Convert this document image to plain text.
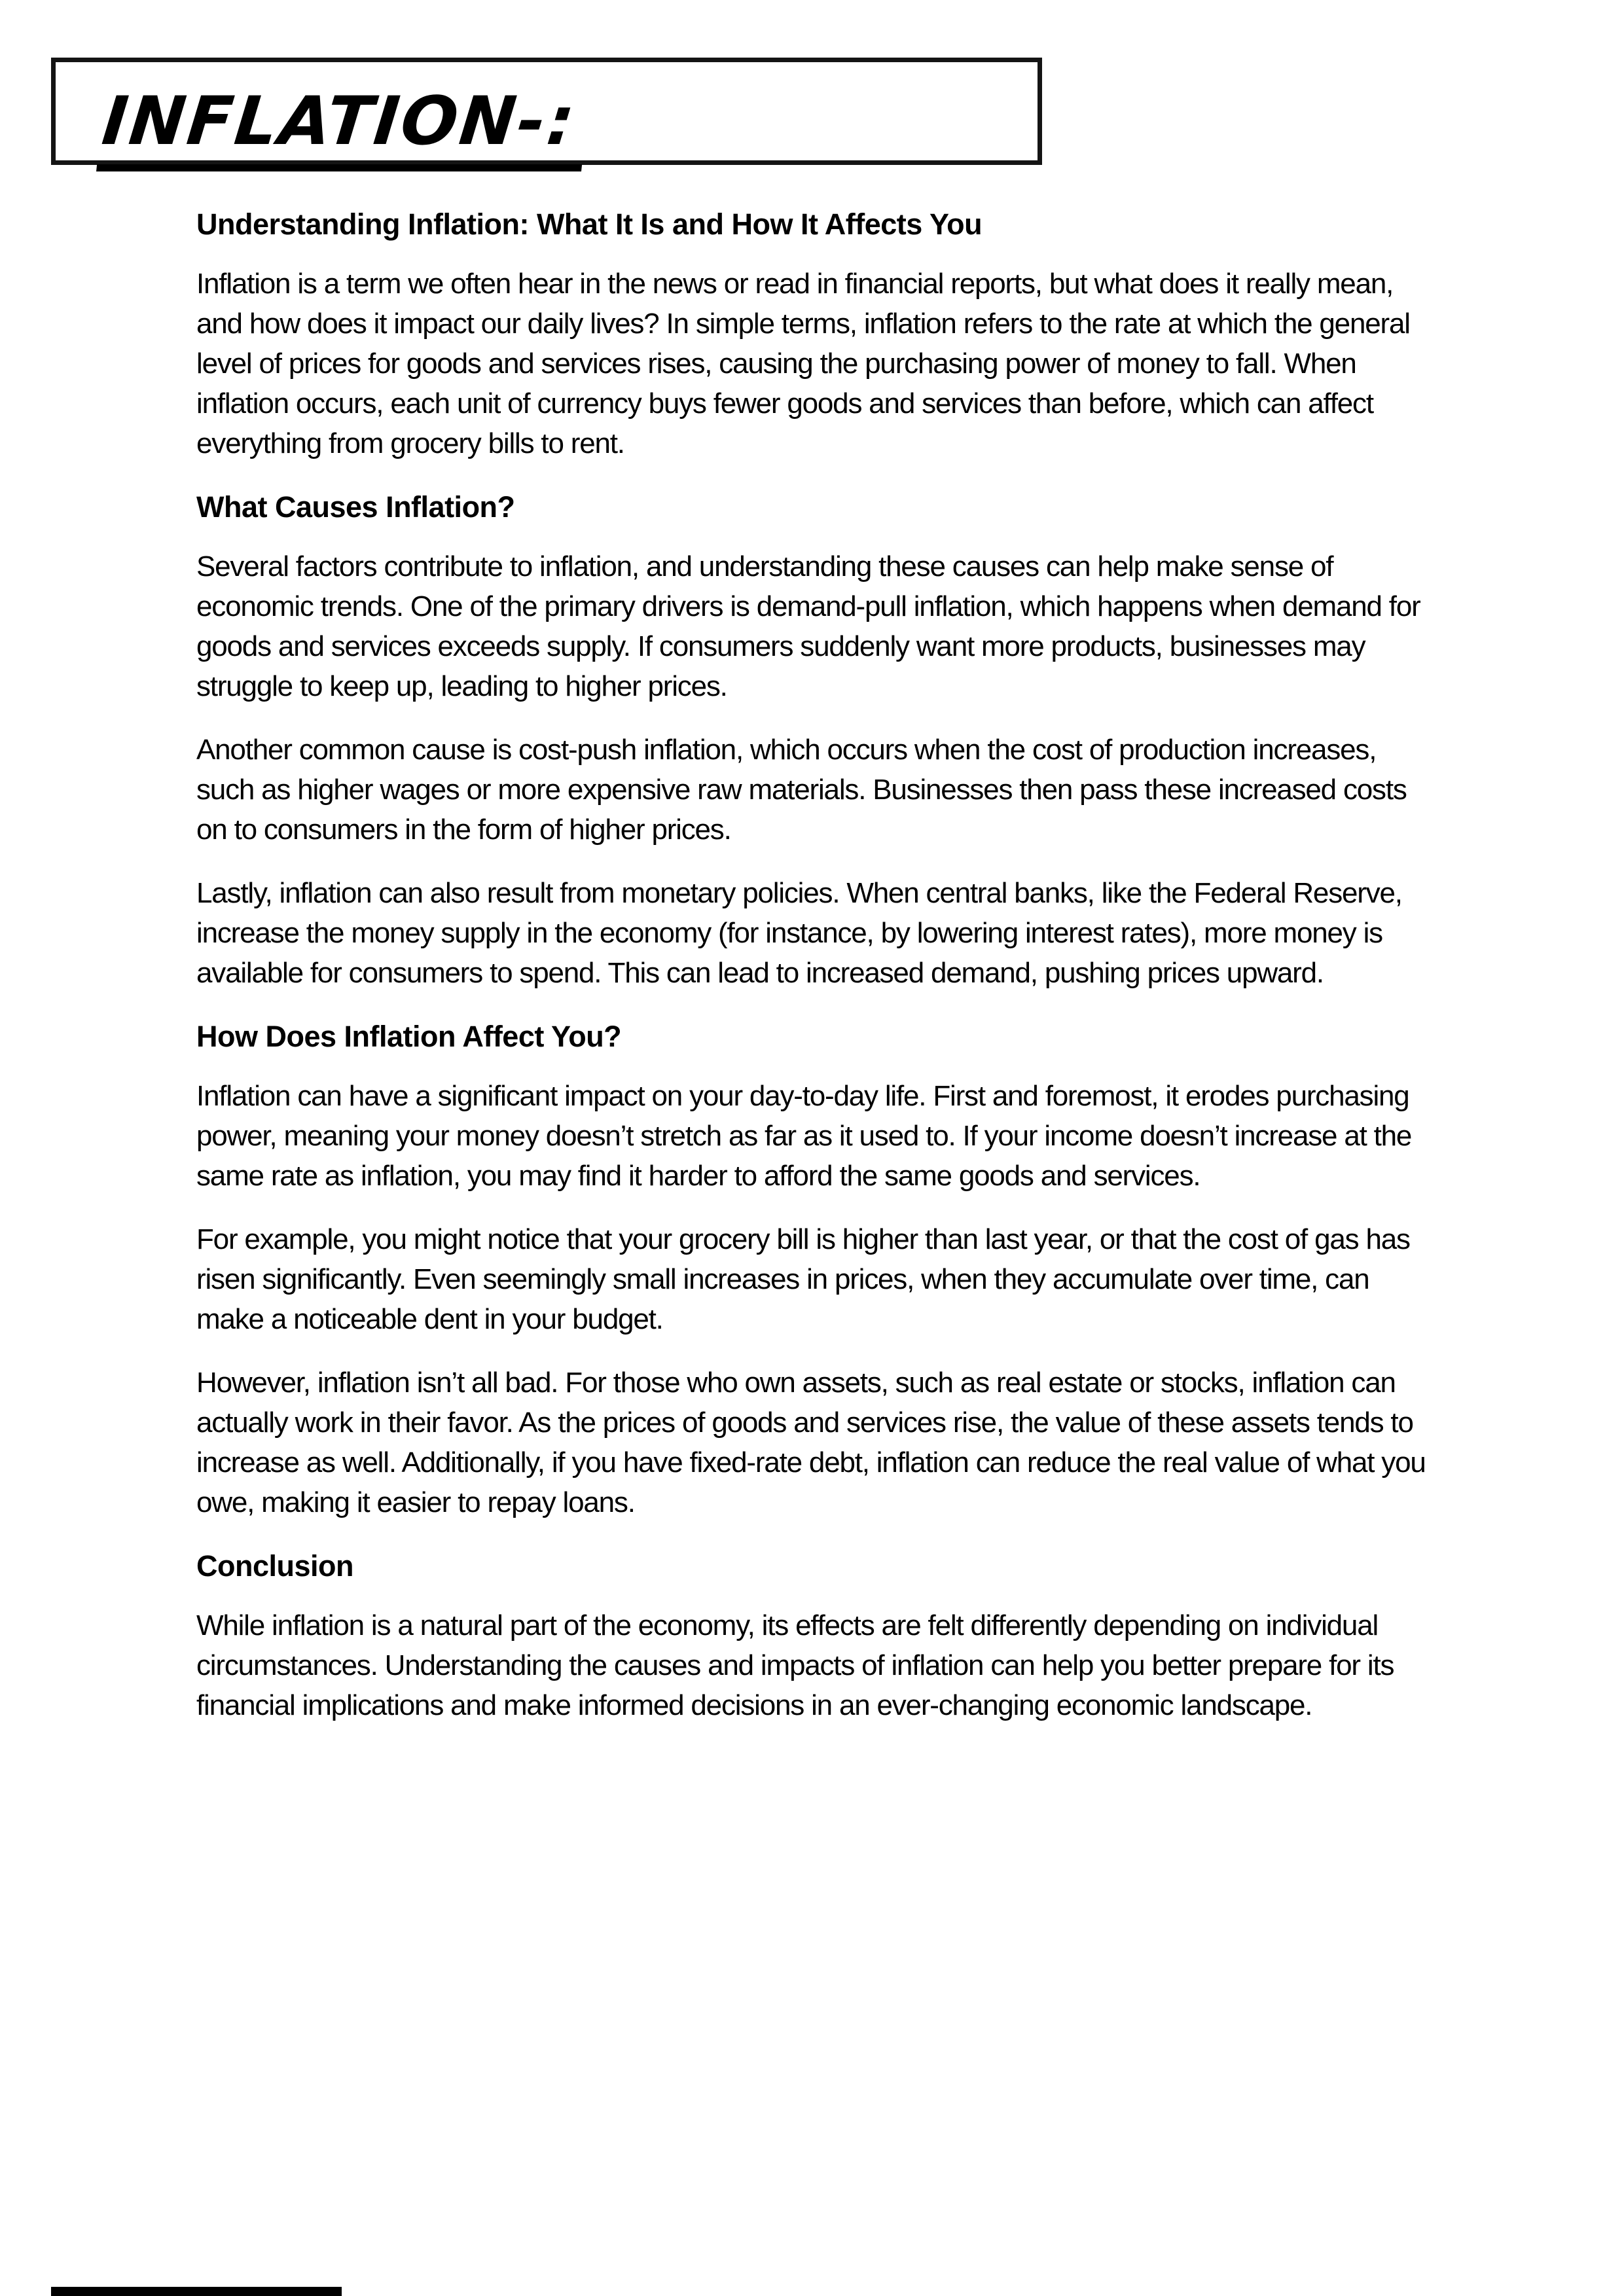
INFLATION-:
Understanding Inflation: What It Is and How It Affects You

Inflation is a term we often hear in the news or read in financial reports, but what does it really mean, and how does it impact our daily lives? In simple terms, inflation refers to the rate at which the general level of prices for goods and services rises, causing the purchasing power of money to fall. When inflation occurs, each unit of currency buys fewer goods and services than before, which can affect everything from grocery bills to rent.

What Causes Inflation?

Several factors contribute to inflation, and understanding these causes can help make sense of economic trends. One of the primary drivers is demand-pull inflation, which happens when demand for goods and services exceeds supply. If consumers suddenly want more products, businesses may struggle to keep up, leading to higher prices.

Another common cause is cost-push inflation, which occurs when the cost of production increases, such as higher wages or more expensive raw materials. Businesses then pass these increased costs on to consumers in the form of higher prices.

Lastly, inflation can also result from monetary policies. When central banks, like the Federal Reserve, increase the money supply in the economy (for instance, by lowering interest rates), more money is available for consumers to spend. This can lead to increased demand, pushing prices upward.

How Does Inflation Affect You?

Inflation can have a significant impact on your day-to-day life. First and foremost, it erodes purchasing power, meaning your money doesn’t stretch as far as it used to. If your income doesn’t increase at the same rate as inflation, you may find it harder to afford the same goods and services.

For example, you might notice that your grocery bill is higher than last year, or that the cost of gas has risen significantly. Even seemingly small increases in prices, when they accumulate over time, can make a noticeable dent in your budget.

However, inflation isn’t all bad. For those who own assets, such as real estate or stocks, inflation can actually work in their favor. As the prices of goods and services rise, the value of these assets tends to increase as well. Additionally, if you have fixed-rate debt, inflation can reduce the real value of what you owe, making it easier to repay loans.

Conclusion

While inflation is a natural part of the economy, its effects are felt differently depending on individual circumstances. Understanding the causes and impacts of inflation can help you better prepare for its financial implications and make informed decisions in an ever-changing economic landscape.
